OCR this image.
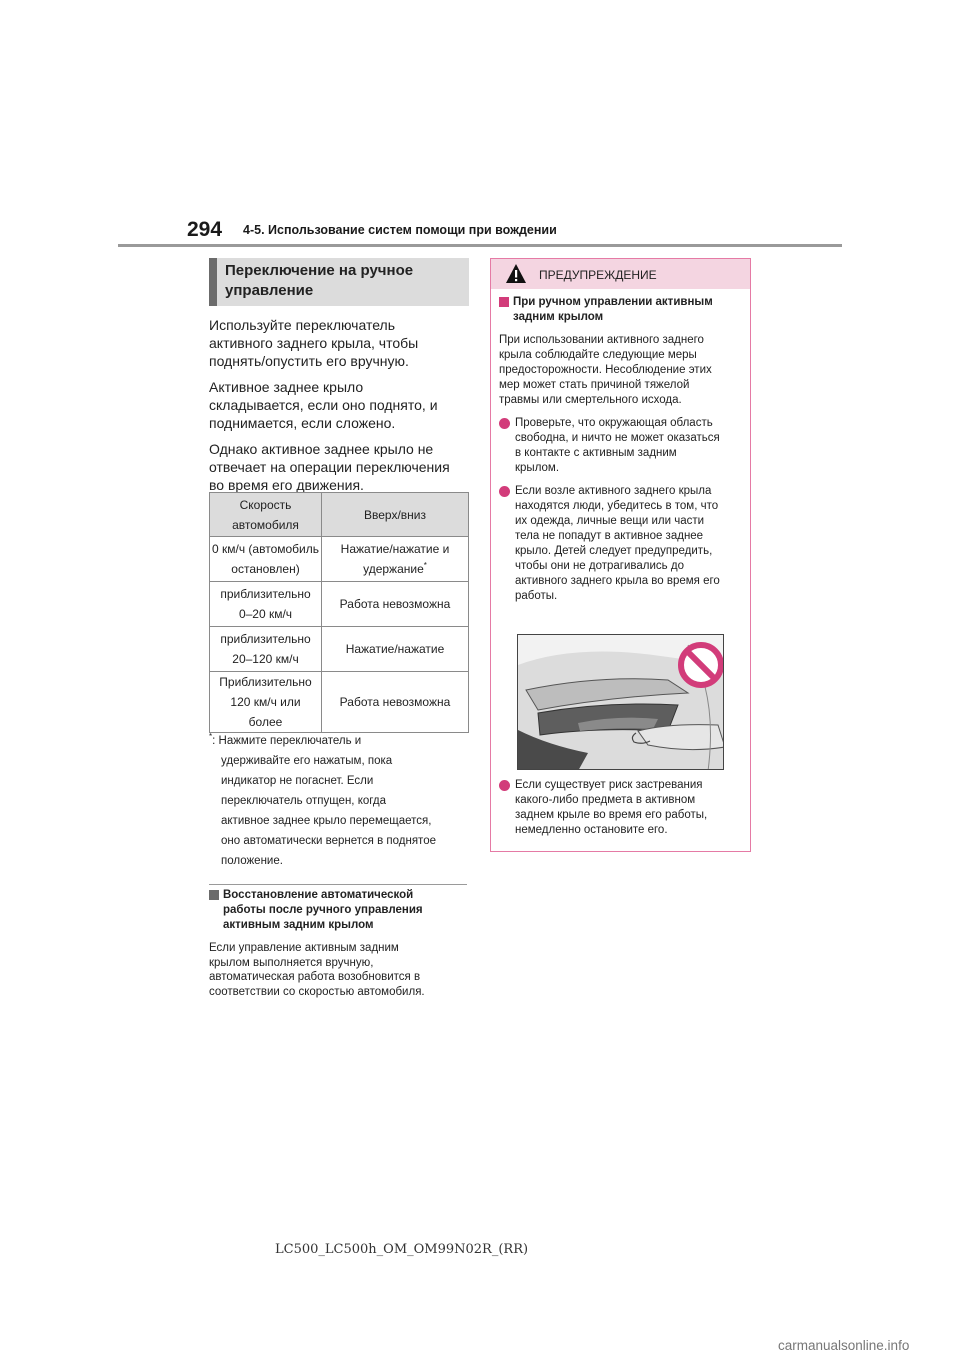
294 4-5. Использование систем помощи при вождении
Переключение на ручное
управление

Используйте переключатель
активного заднего крыла, чтобы
поднять/опустить его вручную.

Активное заднее крыло
складывается, если оно поднято, и
поднимается, если сложено.

Однако активное заднее крыло не
отвечает на операции переключения
во время его движения.

Скорость
автомобиля	Вверх/вниз
0 км/ч (автомобиль
остановлен)	Нажатие/нажатие и
удержание*
приблизительно
0–20 км/ч	Работа невозможна
приблизительно
20–120 км/ч	Нажатие/нажатие
Приблизительно
120 км/ч или более	Работа невозможна
*: Нажмите переключатель и
удерживайте его нажатым, пока
индикатор не погаснет. Если
переключатель отпущен, когда
активное заднее крыло перемещается,
оно автоматически вернется в поднятое
положение.
Восстановление автоматической
работы после ручного управления
активным задним крылом

Если управление активным задним
крылом выполняется вручную,
автоматическая работа возобновится в
соответствии со скоростью автомобиля.

ПРЕДУПРЕЖДЕНИЕ
При ручном управлении активным
задним крылом

При использовании активного заднего
крыла соблюдайте следующие меры
предосторожности. Несоблюдение этих
мер может стать причиной тяжелой
травмы или смертельного исхода.

Проверьте, что окружающая область
свободна, и ничто не может оказаться
в контакте с активным задним
крылом.
Если возле активного заднего крыла
находятся люди, убедитесь в том, что
их одежда, личные вещи или части
тела не попадут в активное заднее
крыло. Детей следует предупредить,
чтобы они не дотрагивались до
активного заднего крыла во время его
работы.
Если существует риск застревания
какого-либо предмета в активном
заднем крыле во время его работы,
немедленно остановите его.
LC500_LC500h_OM_OM99N02R_(RR)
carmanualsonline.info
